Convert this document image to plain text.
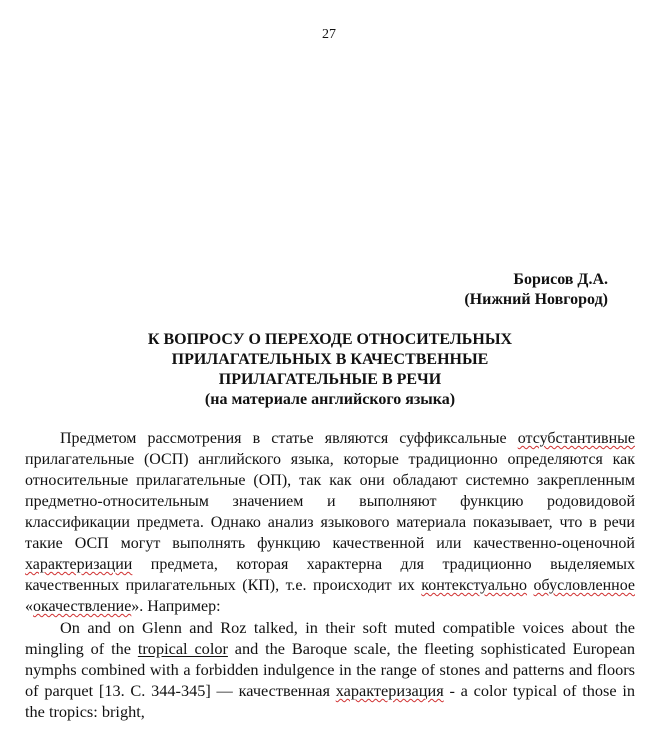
27
Борисов Д.А.
(Нижний Новгород)
К ВОПРОСУ О ПЕРЕХОДЕ ОТНОСИТЕЛЬНЫХ
ПРИЛАГАТЕЛЬНЫХ В КАЧЕСТВЕННЫЕ
ПРИЛАГАТЕЛЬНЫЕ В РЕЧИ
(на материале английского языка)

Предметом рассмотрения в статье являются суффиксальные отсубстантивные прилагательные (ОСП) английского языка, которые традиционно определяются как относительные прилагательные (ОП), так как они обладают системно закрепленным предметно-относительным значением и выполняют функцию родовидовой классификации предмета. Однако анализ языкового материала показывает, что в речи такие ОСП могут выполнять функцию качественной или качественно-оценочной характеризации предмета, которая характерна для традиционно выделяемых качественных прилагательных (КП), т.е. происходит их контекстуально обусловленное «окачествление». Например:

On and on Glenn and Roz talked, in their soft muted compatible voices about the mingling of the tropical color and the Baroque scale, the fleeting sophisticated European nymphs combined with a forbidden indulgence in the range of stones and patterns and floors of parquet [13. С. 344-345] — качественная характеризация - a color typical of those in the tropics: bright,
